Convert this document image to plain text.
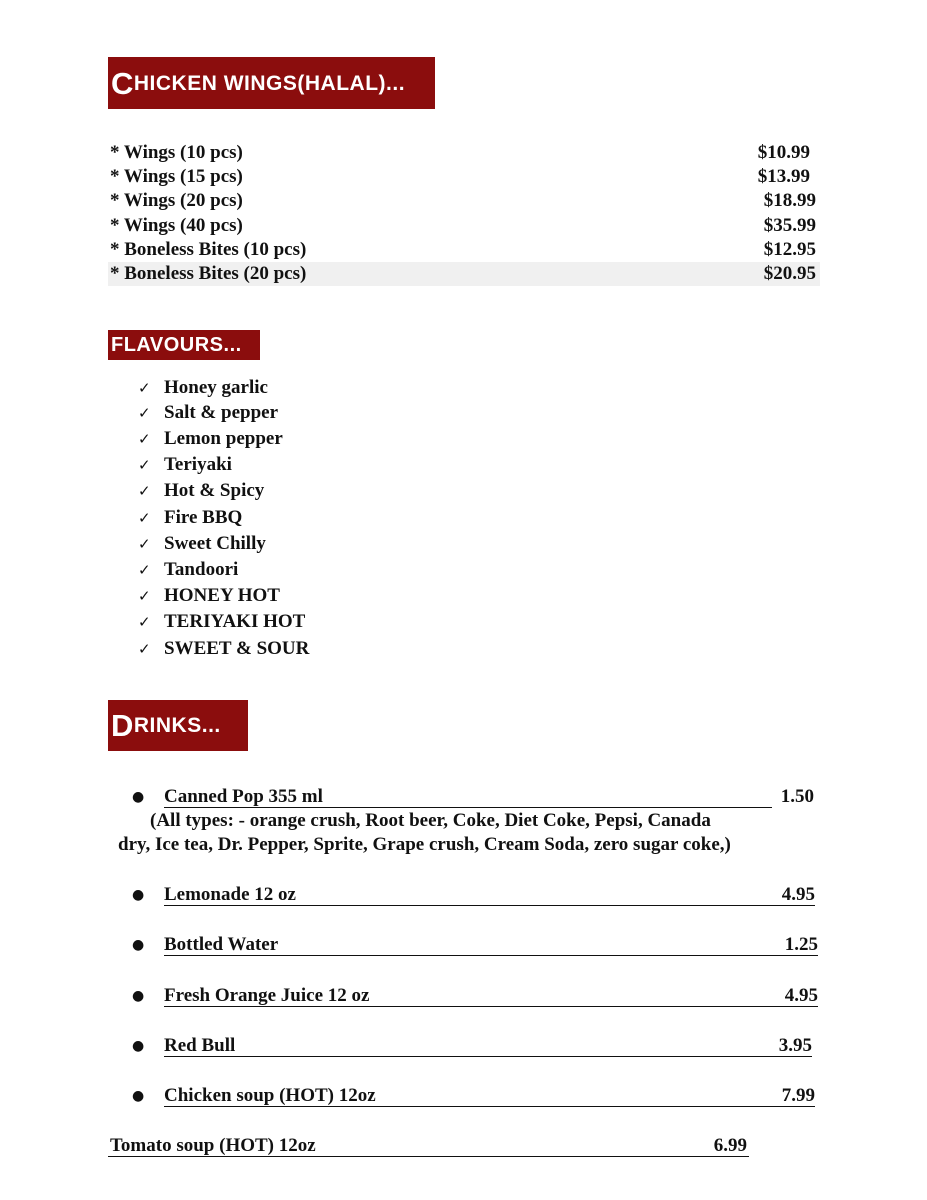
C HICKEN WINGS(HALAL)...
* Wings (10 pcs)	$10.99
* Wings (15 pcs)	$13.99
* Wings (20 pcs)	$18.99
* Wings (40 pcs)	$35.99
* Boneless Bites (10 pcs)	$12.95
* Boneless Bites (20 pcs)	$20.95
FLAVOURS...
✓ Honey garlic
✓ Salt & pepper
✓ Lemon pepper
✓ Teriyaki
✓ Hot & Spicy
✓ Fire BBQ
✓ Sweet Chilly
✓ Tandoori
✓ HONEY HOT
✓ TERIYAKI HOT
✓ SWEET & SOUR
D RINKS...
●	Canned Pop 355 ml	1.50
(All types: - orange crush, Root beer, Coke, Diet Coke, Pepsi, Canada
dry, Ice tea, Dr. Pepper, Sprite, Grape crush, Cream Soda, zero sugar coke,)
●	Lemonade 12 oz	4.95
●	Bottled Water	1.25
●	Fresh Orange Juice 12 oz	4.95
●	Red Bull	3.95
●	Chicken soup (HOT) 12oz	7.99
Tomato soup (HOT) 12oz	6.99
